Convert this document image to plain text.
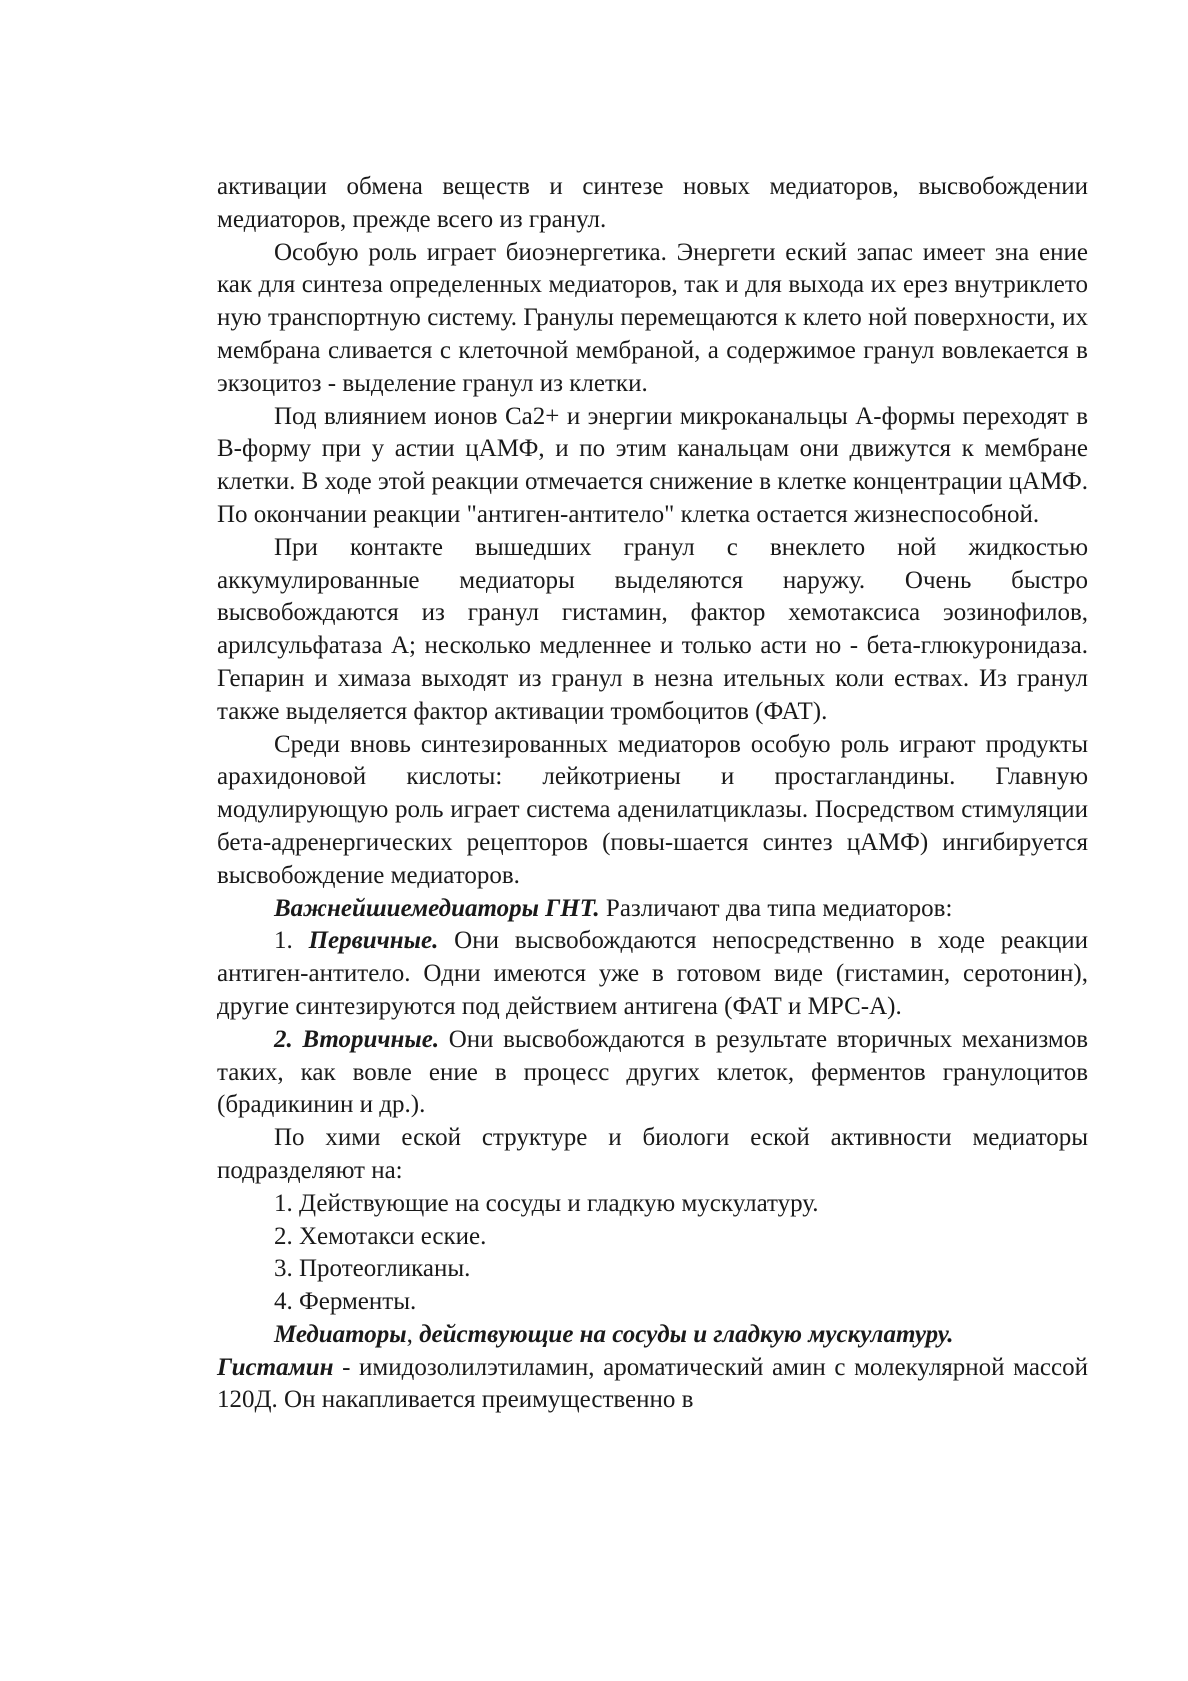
активации обмена веществ и синтезе новых медиаторов, высвобождении медиаторов, прежде всего из гранул.

Особую роль играет биоэнергетика. Энергети еский запас имеет зна ение как для синтеза определенных медиаторов, так и для выхода их ерез внутриклето ную транспортную систему. Гранулы перемещаются к клето ной поверхности, их мембрана сливается с клеточной мембраной, а содержимое гранул вовлекается в экзоцитоз - выделение гранул из клетки.

Под влиянием ионов Са2+ и энергии микроканальцы А-формы переходят в В-форму при у астии цАМФ, и по этим канальцам они движутся к мембране клетки. В ходе этой реакции отмечается снижение в клетке концентрации цАМФ. По окончании реакции "антиген-антитело" клетка остается жизнеспособной.

При контакте вышедших гранул с внеклето ной жидкостью аккумулированные медиаторы выделяются наружу. Очень быстро высвобождаются из гранул гистамин, фактор хемотаксиса эозинофилов, арилсульфатаза А; несколько медленнее и только асти но - бета-глюкуронидаза. Гепарин и химаза выходят из гранул в незна ительных коли ествах. Из гранул также выделяется фактор активации тромбоцитов (ФАТ).

Среди вновь синтезированных медиаторов особую роль играют продукты арахидоновой кислоты: лейкотриены и простагландины. Главную модулирующую роль играет система аденилатциклазы. Посредством стимуляции бета-адренергических рецепторов (повы-шается синтез цАМФ) ингибируется высвобождение медиаторов.

Важнейшиемедиаторы ГНТ. Различают два типа медиаторов:

1. Первичные. Они высвобождаются непосредственно в ходе реакции антиген-антитело. Одни имеются уже в готовом виде (гистамин, серотонин), другие синтезируются под действием антигена (ФАТ и МРС-А).

2. Вторичные. Они высвобождаются в результате вторичных механизмов таких, как вовле ение в процесс других клеток, ферментов гранулоцитов (брадикинин и др.).

По хими еской структуре и биологи еской активности медиаторы подразделяют на:

1. Действующие на сосуды и гладкую мускулатуру.

2. Хемотакси еские.

3. Протеогликаны.

4. Ферменты.

Медиаторы, действующие на сосуды и гладкую мускулатуру.

Гистамин - имидозолилэтиламин, ароматический амин с молекулярной массой 120Д. Он накапливается преимущественно в
